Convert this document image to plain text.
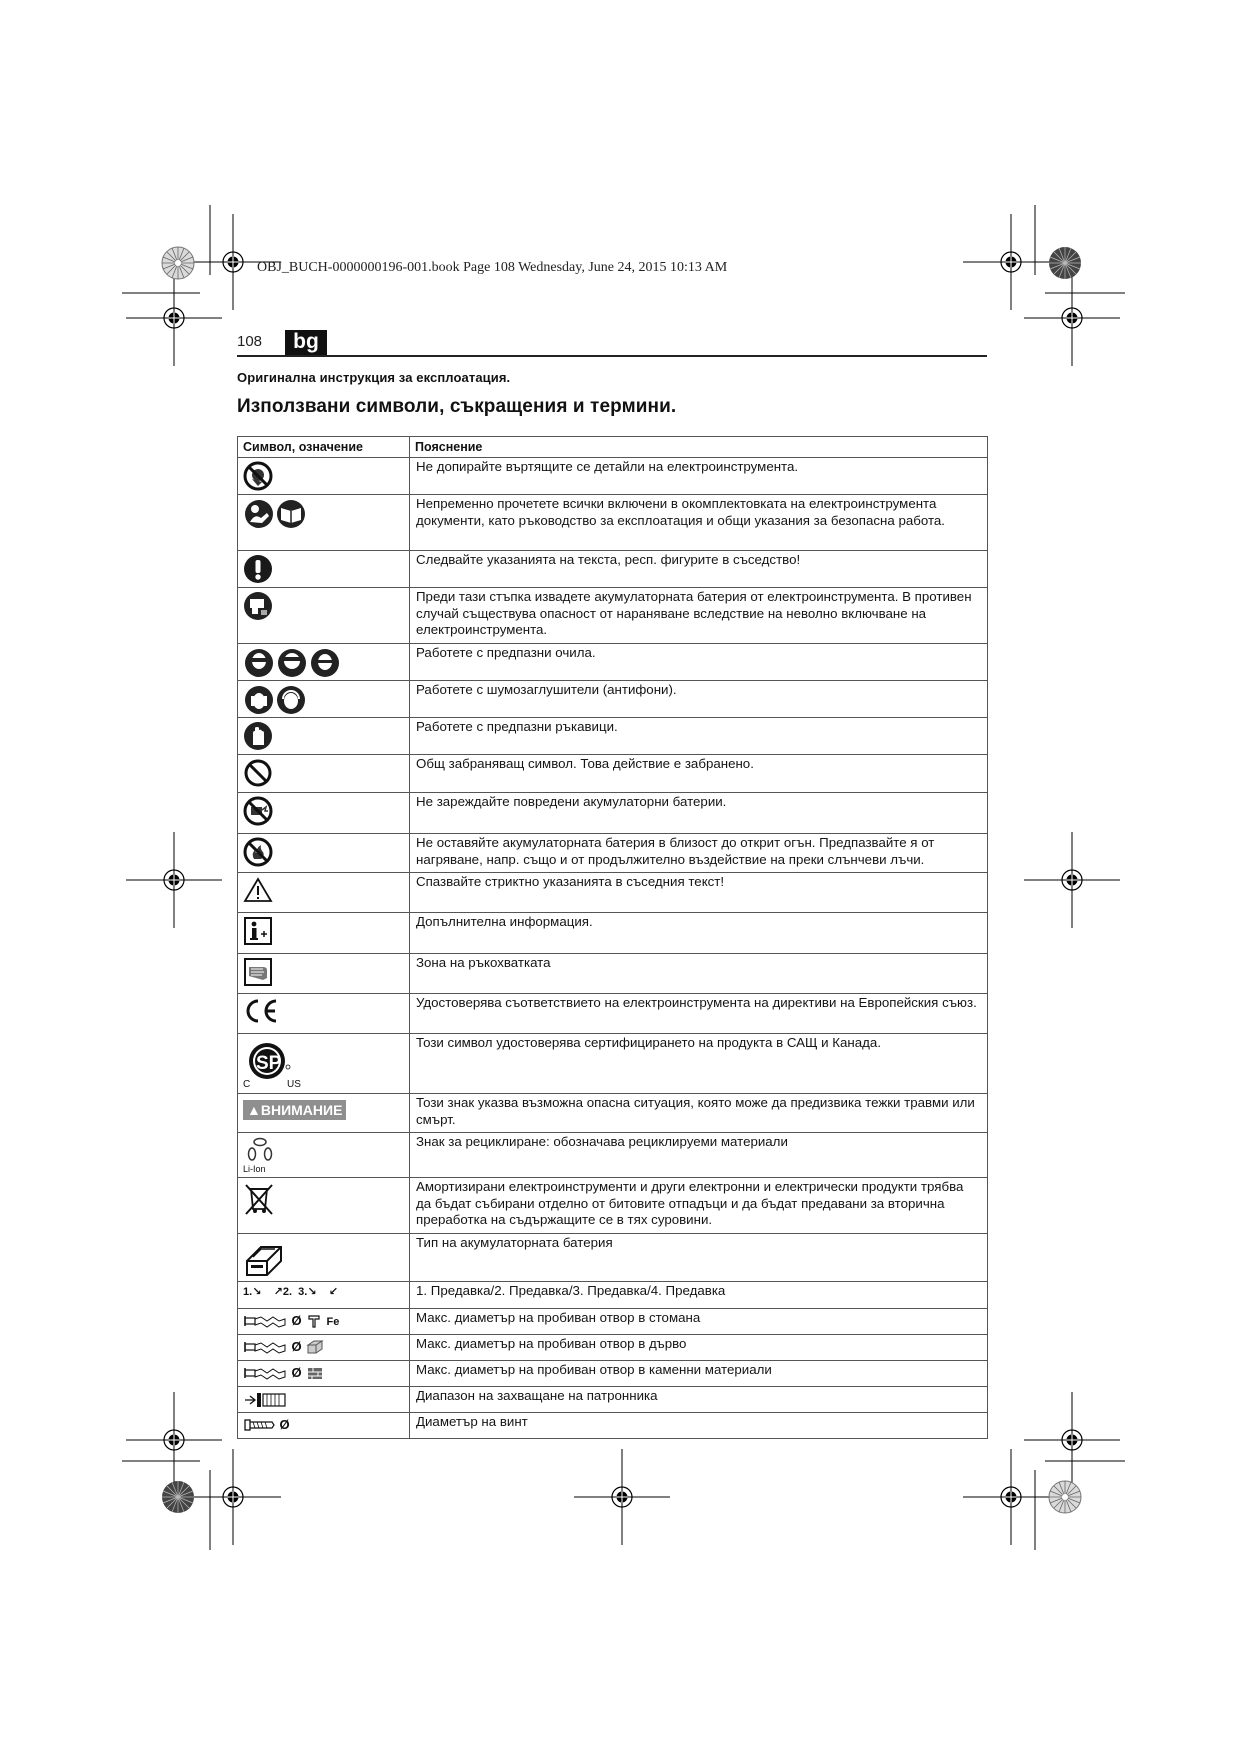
OBJ_BUCH-0000000196-001.book Page 108 Wednesday, June 24, 2015 10:13 AM
108	bg
Оригинална инструкция за експлоатация.
Използвани символи, съкращения и термини.
Символ, означение	Пояснение

	Не допирайте въртящите се детайли на електроинструмента.

	Непременно прочетете всички включени в окомплектовката на електроинструмента документи, като ръководство за експлоатация и общи указания за безопасна работа.

	Следвайте указанията на текста, респ. фигурите в съседство!

	Преди тази стъпка извадете акумулаторната батерия от електроинструмента. В противен случай съществува опасност от нараняване вследствие на неволно включване на електроинструмента.

	Работете с предпазни очила.

	Работете с шумозаглушители (антифони).

	Работете с предпазни ръкавици.

	Общ забраняващ символ. Това действие е забранено.

	Не зареждайте повредени акумулаторни батерии.

	Не оставяйте акумулаторната батерия в близост до открит огън. Предпазвайте я от нагряване, напр. също и от продължително въздействие на преки слънчеви лъчи.

	Спазвайте стриктно указанията в съседния текст!

	Допълнителна информация.

	Зона на ръкохватката

	Удостоверява съответствието на електроинструмента на директиви на Европейския съюз.

SP
C US	Този символ удостоверява сертифицирането на продукта в САЩ и Канада.
▲ВНИМАНИЕ	Този знак указва възможна опасна ситуация, която може да предизвика тежки травми или смърт.

Li-Ion	Знак за рециклиране: обозначава рециклируеми материали

	Амортизирани електроинструменти и други електронни и електрически продукти трябва да бъдат събирани отделно от битовите отпадъци и да бъдат предавани за вторична преработка на съдържащите се в тях суровини.

	Тип на акумулаторната батерия
1.↘ ↗2. 3.↘ ↙	1. Предавка/2. Предавка/3. Предавка/4. Предавка
Ø Fe	Макс. диаметър на пробиван отвор в стомана
Ø	Макс. диаметър на пробиван отвор в дърво
Ø	Макс. диаметър на пробиван отвор в каменни материали

	Диапазон на захващане на патронника
Ø	Диаметър на винт
